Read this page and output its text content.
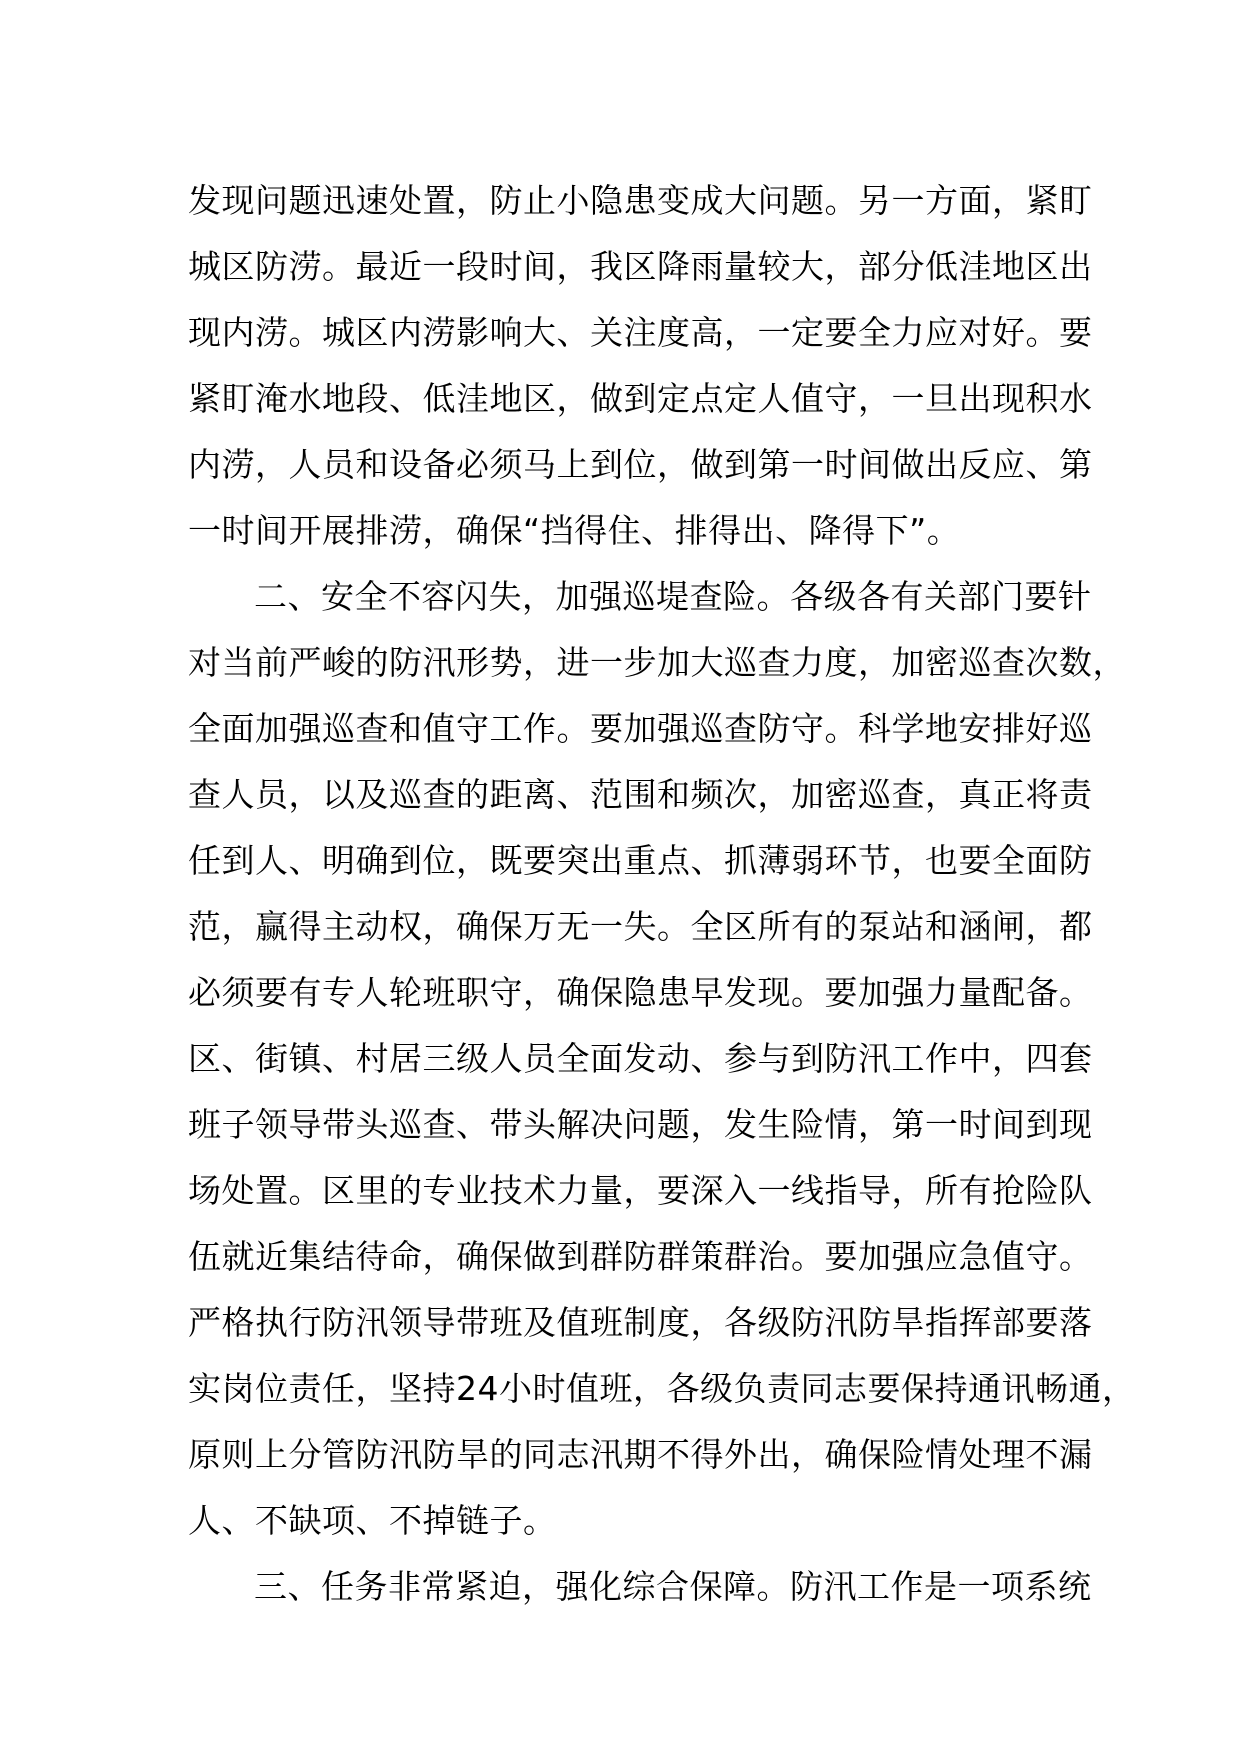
发现问题迅速处置，防止小隐患变成大问题。另一方面，紧盯
城区防涝。最近一段时间，我区降雨量较大，部分低洼地区出
现内涝。城区内涝影响大、关注度高，一定要全力应对好。要
紧盯淹水地段、低洼地区，做到定点定人值守，一旦出现积水
内涝，人员和设备必须马上到位，做到第一时间做出反应、第
一时间开展排涝，确保“挡得住、排得出、降得下”。
二、安全不容闪失，加强巡堤查险。各级各有关部门要针
对当前严峻的防汛形势，进一步加大巡查力度，加密巡查次数，
全面加强巡查和值守工作。要加强巡查防守。科学地安排好巡
查人员，以及巡查的距离、范围和频次，加密巡查，真正将责
任到人、明确到位，既要突出重点、抓薄弱环节，也要全面防
范，赢得主动权，确保万无一失。全区所有的泵站和涵闸，都
必须要有专人轮班职守，确保隐患早发现。要加强力量配备。
区、街镇、村居三级人员全面发动、参与到防汛工作中，四套
班子领导带头巡查、带头解决问题，发生险情，第一时间到现
场处置。区里的专业技术力量，要深入一线指导，所有抢险队
伍就近集结待命，确保做到群防群策群治。要加强应急值守。
严格执行防汛领导带班及值班制度，各级防汛防旱指挥部要落
实岗位责任，坚持24小时值班，各级负责同志要保持通讯畅通，
原则上分管防汛防旱的同志汛期不得外出，确保险情处理不漏
人、不缺项、不掉链子。
三、任务非常紧迫，强化综合保障。防汛工作是一项系统
